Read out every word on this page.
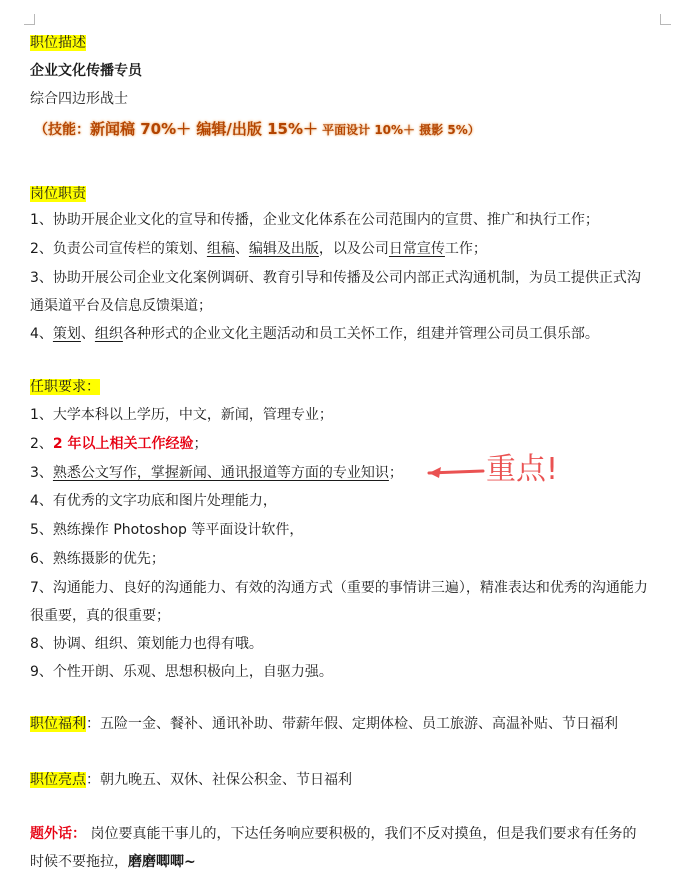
职位描述
企业文化传播专员
综合四边形战士
（技能：新闻稿 70%＋ 编辑/出版 15%＋ 平面设计 10%＋ 摄影 5%）
岗位职责
1、协助开展企业文化的宣导和传播，企业文化体系在公司范围内的宣贯、推广和执行工作；
2、负责公司宣传栏的策划、组稿、编辑及出版，以及公司日常宣传工作；
3、协助开展公司企业文化案例调研、教育引导和传播及公司内部正式沟通机制，为员工提供正式沟
通渠道平台及信息反馈渠道；
4、策划、组织各种形式的企业文化主题活动和员工关怀工作，组建并管理公司员工俱乐部。
任职要求：
1、大学本科以上学历，中文，新闻，管理专业；
2、2 年以上相关工作经验；
3、熟悉公文写作，掌握新闻、通讯报道等方面的专业知识；
4、有优秀的文字功底和图片处理能力，
5、熟练操作 Photoshop 等平面设计软件，
6、熟练摄影的优先；
7、沟通能力、良好的沟通能力、有效的沟通方式（重要的事情讲三遍），精准表达和优秀的沟通能力
很重要，真的很重要；
8、协调、组织、策划能力也得有哦。
9、个性开朗、乐观、思想积极向上，自驱力强。
职位福利：五险一金、餐补、通讯补助、带薪年假、定期体检、员工旅游、高温补贴、节日福利
职位亮点：朝九晚五、双休、社保公积金、节日福利
题外话： 岗位要真能干事儿的，下达任务响应要积极的，我们不反对摸鱼，但是我们要求有任务的
时候不要拖拉，磨磨唧唧~
重点!
